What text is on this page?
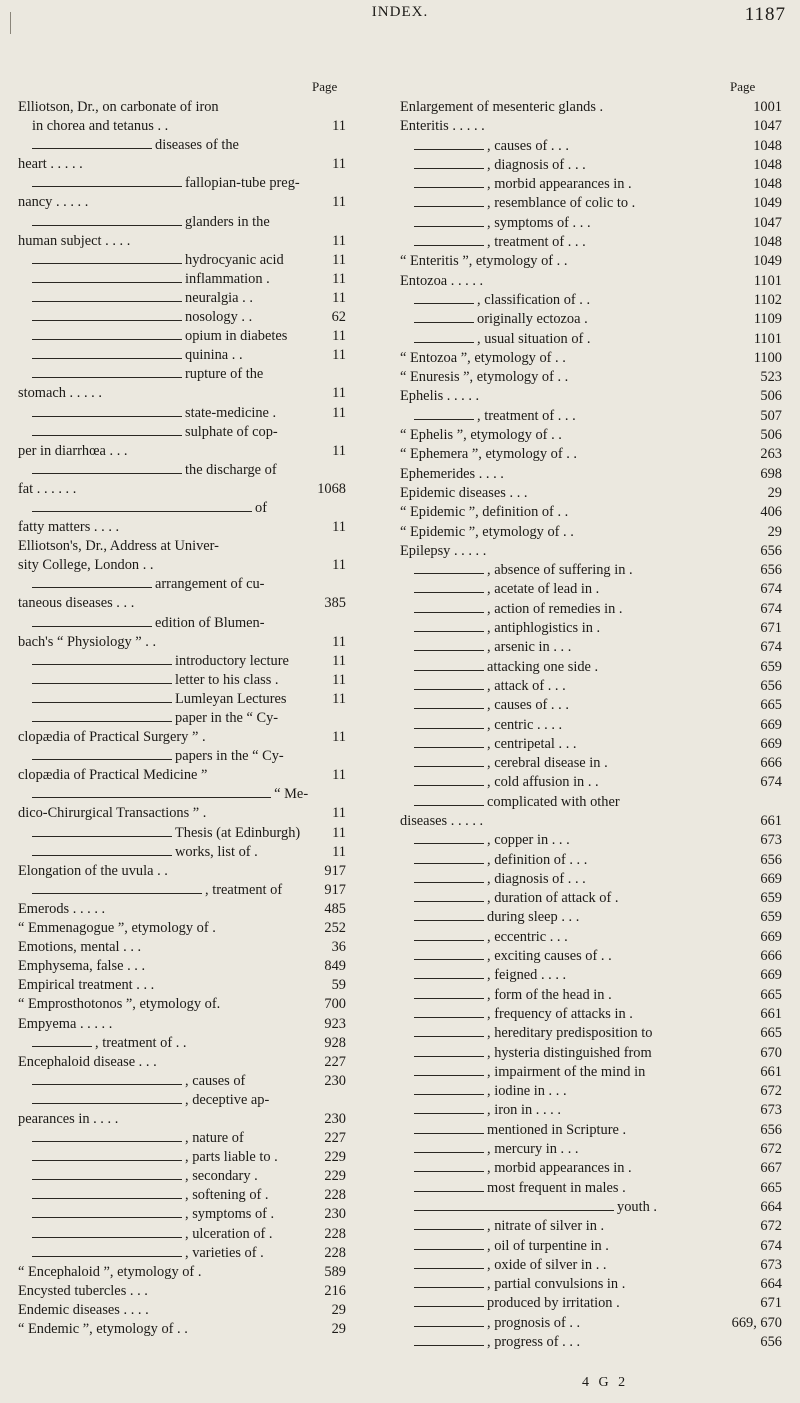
INDEX.	1187
Page	Page
Elliotson, Dr., on carbonate of iron
in chorea and tetanus . .	11
diseases of the
heart . . . . .	11
fallopian-tube preg-
nancy . . . . .	11
glanders in the
human subject . . . .	11
hydrocyanic acid	11
inflammation .	11
neuralgia . .	11
nosology . .	62
opium in diabetes	11
quinina . .	11
rupture of the
stomach . . . . .	11
state-medicine .	11
sulphate of cop-
per in diarrhœa . . .	11
the discharge of
fat . . . . . .	1068
of
fatty matters . . . .	11
Elliotson's, Dr., Address at Univer-
sity College, London . .	11
arrangement of cu-
taneous diseases . . .	385
edition of Blumen-
bach's “ Physiology ” . .	11
introductory lecture	11
letter to his class .	11
Lumleyan Lectures	11
paper in the “ Cy-
clopædia of Practical Surgery ” .	11
papers in the “ Cy-
clopædia of Practical Medicine ”	11
“ Me-
dico-Chirurgical Transactions ” .	11
Thesis (at Edinburgh)	11
works, list of .	11
Elongation of the uvula . .	917
, treatment of	917
Emerods . . . . .	485
“ Emmenagogue ”, etymology of .	252
Emotions, mental . . .	36
Emphysema, false . . .	849
Empirical treatment . . .	59
“ Emprosthotonos ”, etymology of.	700
Empyema . . . . .	923
, treatment of . .	928
Encephaloid disease . . .	227
, causes of	230
, deceptive ap-
pearances in . . . .	230
, nature of	227
, parts liable to .	229
, secondary .	229
, softening of .	228
, symptoms of .	230
, ulceration of .	228
, varieties of .	228
“ Encephaloid ”, etymology of .	589
Encysted tubercles . . .	216
Endemic diseases . . . .	29
“ Endemic ”, etymology of . .	29
Enlargement of mesenteric glands .	1001
Enteritis . . . . .	1047
, causes of . . .	1048
, diagnosis of . . .	1048
, morbid appearances in .	1048
, resemblance of colic to .	1049
, symptoms of . . .	1047
, treatment of . . .	1048
“ Enteritis ”, etymology of . .	1049
Entozoa . . . . .	1101
, classification of . .	1102
originally ectozoa .	1109
, usual situation of .	1101
“ Entozoa ”, etymology of . .	1100
“ Enuresis ”, etymology of . .	523
Ephelis . . . . .	506
, treatment of . . .	507
“ Ephelis ”, etymology of . .	506
“ Ephemera ”, etymology of . .	263
Ephemerides . . . .	698
Epidemic diseases . . .	29
“ Epidemic ”, definition of . .	406
“ Epidemic ”, etymology of . .	29
Epilepsy . . . . .	656
, absence of suffering in .	656
, acetate of lead in .	674
, action of remedies in .	674
, antiphlogistics in .	671
, arsenic in . . .	674
attacking one side .	659
, attack of . . .	656
, causes of . . .	665
, centric . . . .	669
, centripetal . . .	669
, cerebral disease in .	666
, cold affusion in . .	674
complicated with other
diseases . . . . .	661
, copper in . . .	673
, definition of . . .	656
, diagnosis of . . .	669
, duration of attack of .	659
during sleep . . .	659
, eccentric . . .	669
, exciting causes of . .	666
, feigned . . . .	669
, form of the head in .	665
, frequency of attacks in .	661
, hereditary predisposition to	665
, hysteria distinguished from	670
, impairment of the mind in	661
, iodine in . . .	672
, iron in . . . .	673
mentioned in Scripture .	656
, mercury in . . .	672
, morbid appearances in .	667
most frequent in males .	665
youth .	664
, nitrate of silver in .	672
, oil of turpentine in .	674
, oxide of silver in . .	673
, partial convulsions in .	664
produced by irritation .	671
, prognosis of . .	669, 670
, progress of . . .	656
4 G 2
